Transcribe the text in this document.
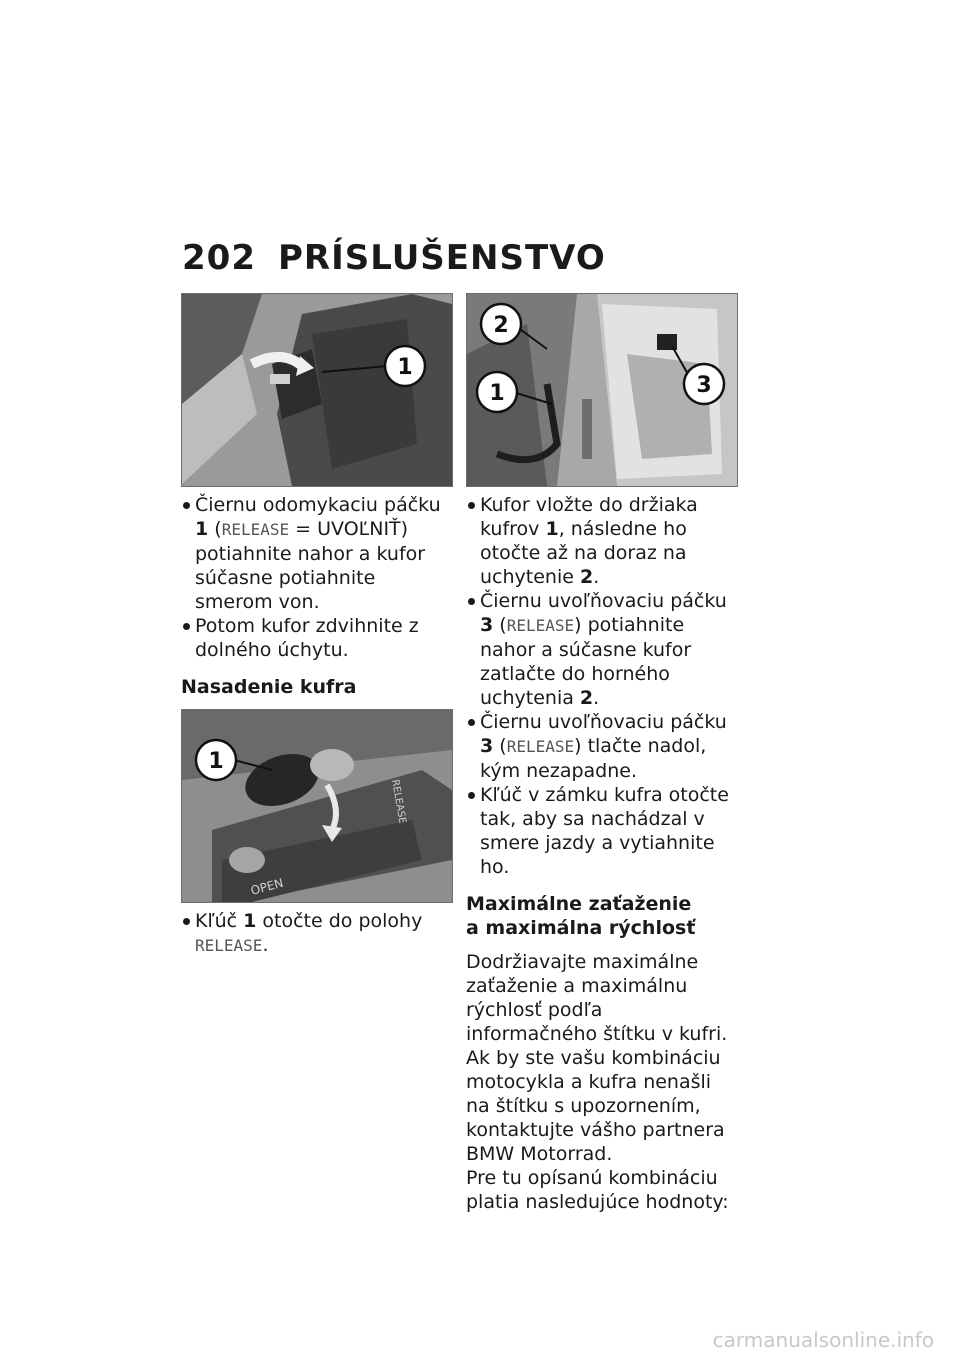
202 PRÍSLUŠENSTVO
1
Čiernu odomykaciu páčku 1 (RELEASE = UVOĽNIŤ) potiahnite nahor a kufor súčasne potiahnite smerom von.
Potom kufor zdvihnite z dolného úchytu.
Nasadenie kufra
OPEN
RELEASE
1
Kľúč 1 otočte do polohy RELEASE.
2
1	3
Kufor vložte do držiaka kufrov 1, následne ho otočte až na doraz na uchytenie 2.
Čiernu uvoľňovaciu páčku 3 (RELEASE) potiahnite nahor a súčasne kufor zatlačte do horného uchytenia 2.
Čiernu uvoľňovaciu páčku 3 (RELEASE) tlačte nadol, kým nezapadne.
Kľúč v zámku kufra otočte tak, aby sa nachádzal v smere jazdy a vytiahnite ho.
Maximálne zaťaženie
a maximálna rýchlosť

Dodržiavajte maximálne zaťaženie a maximálnu rýchlosť podľa informačného štítku v kufri.

Ak by ste vašu kombináciu motocykla a kufra nenašli na štítku s upozornením, kontaktujte vášho partnera BMW Motorrad.

Pre tu opísanú kombináciu platia nasledujúce hodnoty:

carmanualsonline.info
